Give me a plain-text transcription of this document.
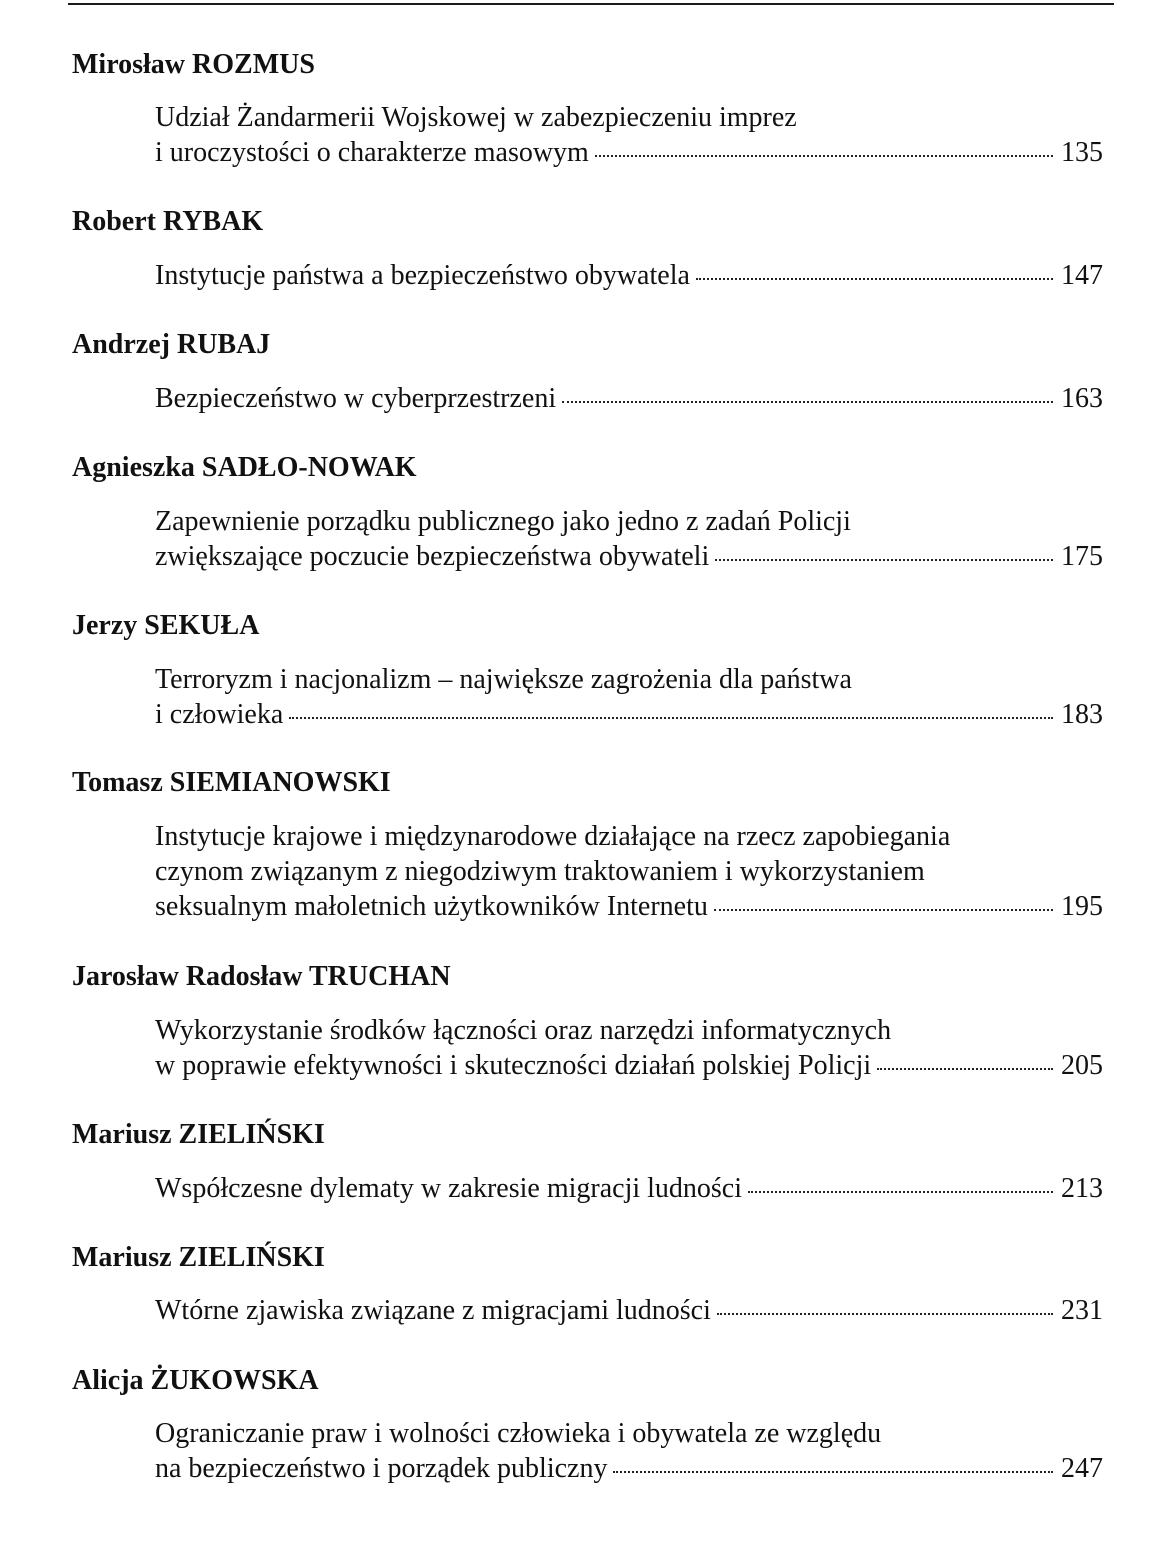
Mirosław ROZMUS
Udział Żandarmerii Wojskowej w zabezpieczeniu imprez
i uroczystości o charakterze masowym	135
Robert RYBAK
Instytucje państwa a bezpieczeństwo obywatela	147
Andrzej RUBAJ
Bezpieczeństwo w cyberprzestrzeni	163
Agnieszka SADŁO-NOWAK
Zapewnienie porządku publicznego jako jedno z zadań Policji
zwiększające poczucie bezpieczeństwa obywateli	175
Jerzy SEKUŁA
Terroryzm i nacjonalizm – największe zagrożenia dla państwa
i człowieka	183
Tomasz SIEMIANOWSKI
Instytucje krajowe i międzynarodowe działające na rzecz zapobiegania
czynom związanym z niegodziwym traktowaniem i wykorzystaniem
seksualnym małoletnich użytkowników Internetu	195
Jarosław Radosław TRUCHAN
Wykorzystanie środków łączności oraz narzędzi informatycznych
w poprawie efektywności i skuteczności działań polskiej Policji	205
Mariusz ZIELIŃSKI
Współczesne dylematy w zakresie migracji ludności	213
Mariusz ZIELIŃSKI
Wtórne zjawiska związane z migracjami ludności	231
Alicja ŻUKOWSKA
Ograniczanie praw i wolności człowieka i obywatela ze względu
na bezpieczeństwo i porządek publiczny	247
